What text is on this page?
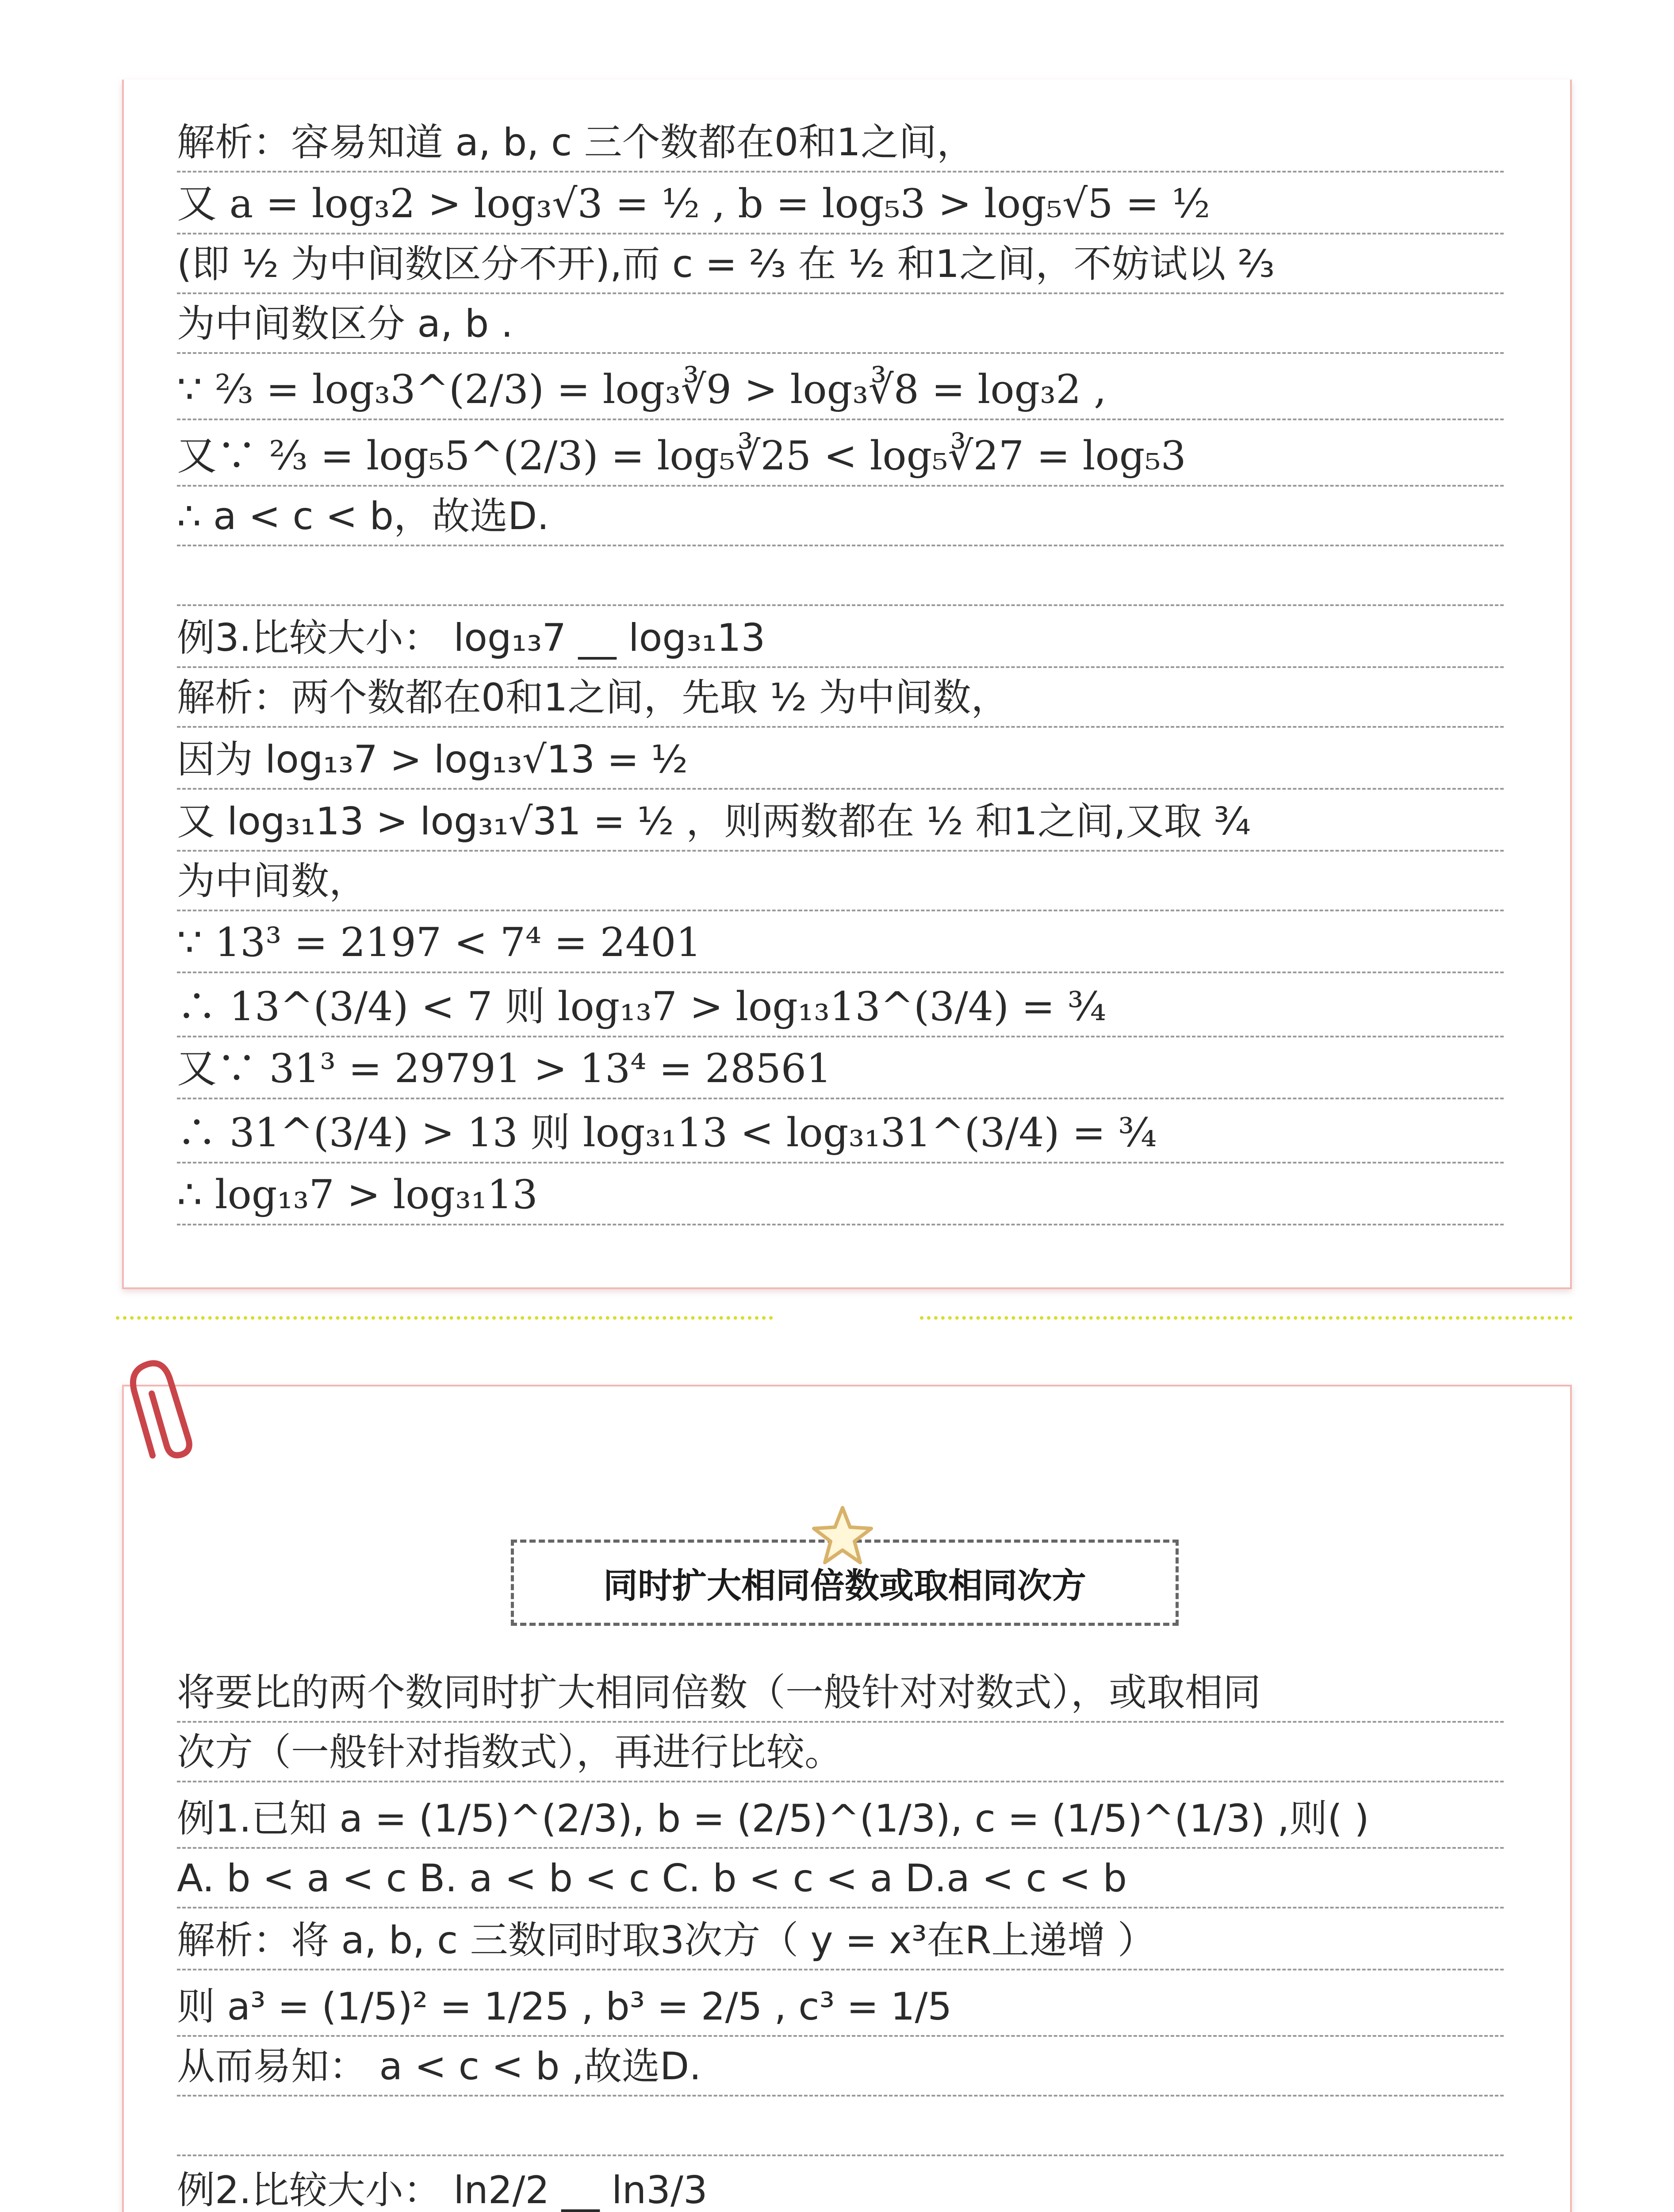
解析：容易知道 a, b, c 三个数都在0和1之间，
又 a = log₃2 > log₃√3 = ½ , b = log₅3 > log₅√5 = ½
(即 ½ 为中间数区分不开),而 c = ⅔ 在 ½ 和1之间，不妨试以 ⅔
为中间数区分 a, b .
∵ ⅔ = log₃3^(2/3) = log₃∛9 > log₃∛8 = log₃2 ,
又∵ ⅔ = log₅5^(2/3) = log₅∛25 < log₅∛27 = log₅3
∴ a < c < b，故选D.
例3.比较大小： log₁₃7 __ log₃₁13
解析：两个数都在0和1之间，先取 ½ 为中间数，
因为 log₁₃7 > log₁₃√13 = ½
又 log₃₁13 > log₃₁√31 = ½ ，则两数都在 ½ 和1之间,又取 ¾
为中间数，
∵ 13³ = 2197 < 7⁴ = 2401
∴ 13^(3/4) < 7 则 log₁₃7 > log₁₃13^(3/4) = ¾
又∵ 31³ = 29791 > 13⁴ = 28561
∴ 31^(3/4) > 13 则 log₃₁13 < log₃₁31^(3/4) = ¾
∴ log₁₃7 > log₃₁13
将要比的两个数同时扩大相同倍数（一般针对对数式），或取相同
次方（一般针对指数式），再进行比较。
例1.已知 a = (1/5)^(2/3), b = (2/5)^(1/3), c = (1/5)^(1/3) ,则( )
A. b < a < c B. a < b < c C. b < c < a D.a < c < b
解析：将 a, b, c 三数同时取3次方（ y = x³在R上递增 ）
则 a³ = (1/5)² = 1/25 , b³ = 2/5 , c³ = 1/5
从而易知： a < c < b ,故选D.
例2.比较大小： ln2/2 __ ln3/3
同时扩大相同倍数或取相同次方
